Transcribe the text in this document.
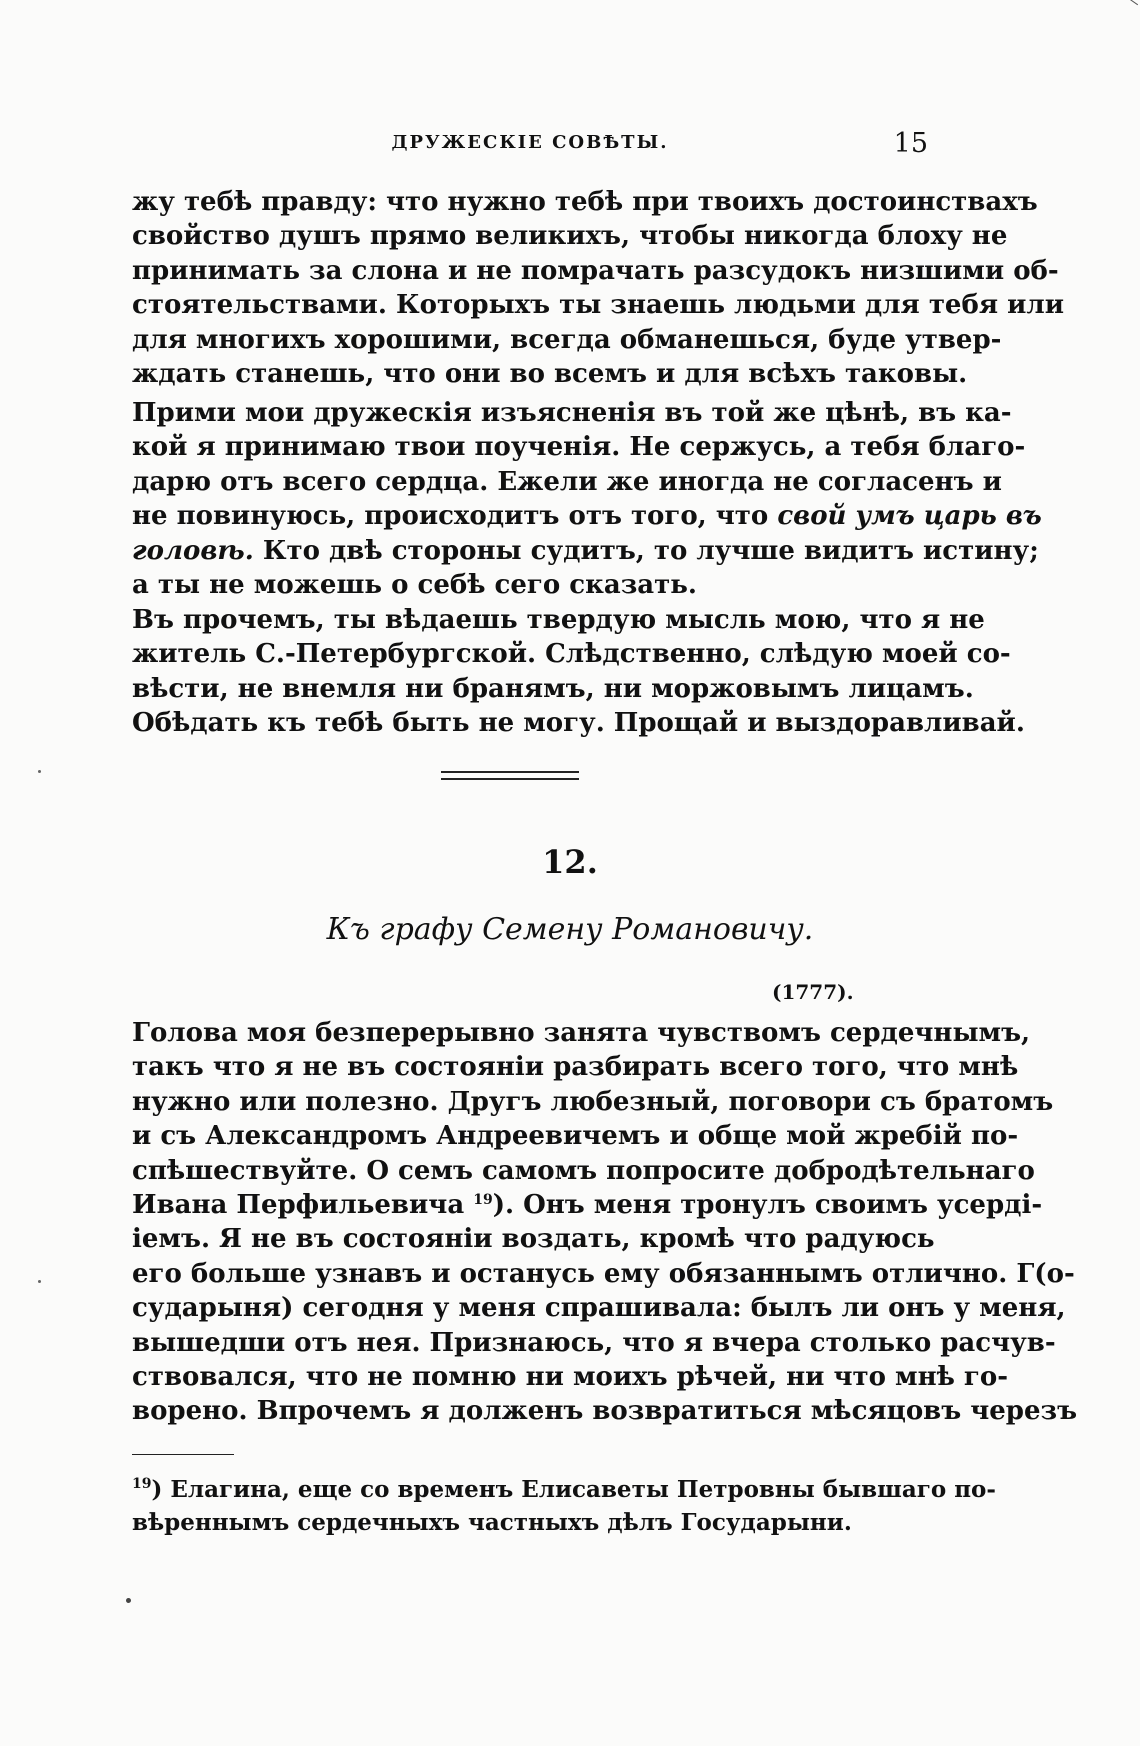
ДРУЖЕСКІЕ СОВѢТЫ.	15
жу тебѣ правду: что нужно тебѣ при твоихъ достоинствахъ
свойство душъ прямо великихъ, чтобы никогда блоху не
принимать за слона и не помрачать разсудокъ низшими об-
стоятельствами. Которыхъ ты знаешь людьми для тебя или
для многихъ хорошими, всегда обманешься, буде утвер-
ждать станешь, что они во всемъ и для всѣхъ таковы.
Прими мои дружескія изъясненія въ той же цѣнѣ, въ ка-
кой я принимаю твои поученія. Не сержусь, а тебя благо-
дарю отъ всего сердца. Ежели же иногда не согласенъ и
не повинуюсь, происходитъ отъ того, что свой умъ царь въ
головѣ. Кто двѣ стороны судитъ, то лучше видитъ истину;
а ты не можешь о себѣ сего сказать.
Въ прочемъ, ты вѣдаешь твердую мысль мою, что я не
житель С.-Петербургской. Слѣдственно, слѣдую моей со-
вѣсти, не внемля ни бранямъ, ни моржовымъ лицамъ.
Обѣдать къ тебѣ быть не могу. Прощай и выздоравливай.
12.
Къ графу Семену Романовичу.
(1777).
Голова моя безперерывно занята чувствомъ сердечнымъ,
такъ что я не въ состояніи разбирать всего того, что мнѣ
нужно или полезно. Другъ любезный, поговори съ братомъ
и съ Александромъ Андреевичемъ и обще мой жребій по-
спѣшествуйте. О семъ самомъ попросите добродѣтельнаго
Ивана Перфильевича $^{19}$). Онъ меня тронулъ своимъ усерді-
іемъ. Я не въ состояніи воздать, кромѣ что радуюсь
его больше узнавъ и останусь ему обязаннымъ отлично. Г(о-
сударыня) сегодня у меня спрашивала: былъ ли онъ у меня,
вышедши отъ нея. Признаюсь, что я вчера столько расчув-
ствовался, что не помню ни моихъ рѣчей, ни что мнѣ го-
ворено. Впрочемъ я долженъ возвратиться мѣсяцовъ черезъ
$^{19}$) Елагина, еще со временъ Елисаветы Петровны бывшаго по-
вѣреннымъ сердечныхъ частныхъ дѣлъ Государыни.
